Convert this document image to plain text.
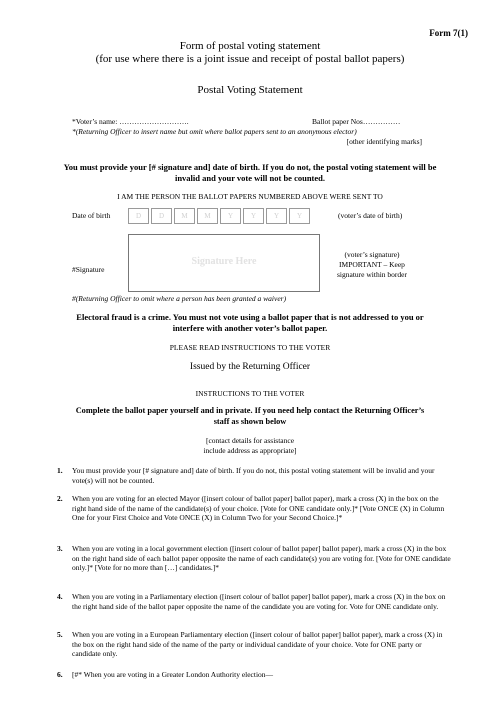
Form 7(1)
Form of postal voting statement
(for use where there is a joint issue and receipt of postal ballot papers)
Postal Voting Statement
*Voter’s name: ……………………….	Ballot paper Nos……………
*(Returning Officer to insert name but omit where ballot papers sent to an anonymous elector)
[other identifying marks]
You must provide your [# signature and] date of birth. If you do not, the postal voting statement will be invalid and your vote will not be counted.
I AM THE PERSON THE BALLOT PAPERS NUMBERED ABOVE WERE SENT TO
Date of birth	D	D M M Y	Y	Y	Y	(voter’s date of birth)
#Signature
Signature Here
(voter’s signature)
IMPORTANT – Keep
signature within border
#(Returning Officer to omit where a person has been granted a waiver)
Electoral fraud is a crime. You must not vote using a ballot paper that is not addressed to you or interfere with another voter’s ballot paper.
PLEASE READ INSTRUCTIONS TO THE VOTER
Issued by the Returning Officer
INSTRUCTIONS TO THE VOTER
Complete the ballot paper yourself and in private. If you need help contact the Returning Officer’s staff as shown below
[contact details for assistance
include address as appropriate]
1. You must provide your [# signature and] date of birth. If you do not, this postal voting statement will be invalid and your vote(s) will not be counted.
2. When you are voting for an elected Mayor ([insert colour of ballot paper] ballot paper), mark a cross (X) in the box on the right hand side of the name of the candidate(s) of your choice. [Vote for ONE candidate only.]* [Vote ONCE (X) in Column One for your First Choice and Vote ONCE (X) in Column Two for your Second Choice.]*
3. When you are voting in a local government election ([insert colour of ballot paper] ballot paper), mark a cross (X) in the box on the right hand side of each ballot paper opposite the name of each candidate(s) you are voting for. [Vote for ONE candidate only.]* [Vote for no more than […] candidates.]*
4. When you are voting in a Parliamentary election ([insert colour of ballot paper] ballot paper), mark a cross (X) in the box on the right hand side of the ballot paper opposite the name of the candidate you are voting for. Vote for ONE candidate only.
5. When you are voting in a European Parliamentary election ([insert colour of ballot paper] ballot paper), mark a cross (X) in the box on the right hand side of the name of the party or individual candidate of your choice. Vote for ONE party or candidate only.
6. [#* When you are voting in a Greater London Authority election—
